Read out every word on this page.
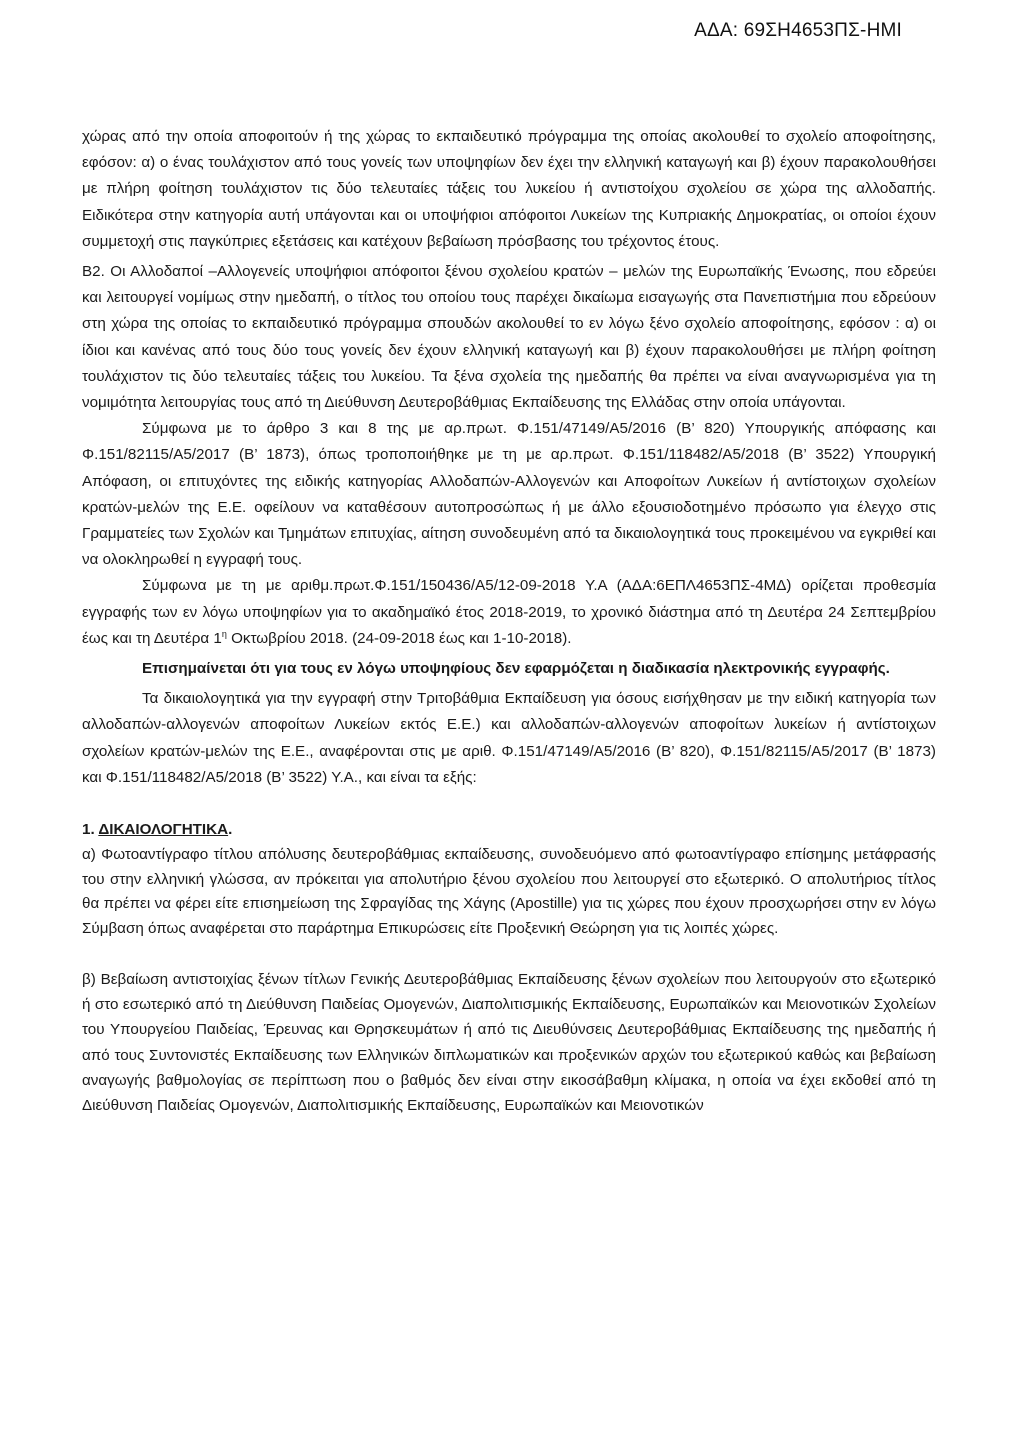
ΑΔΑ: 69ΣΗ4653ΠΣ-ΗΜΙ

χώρας από την οποία αποφοιτούν ή της χώρας το εκπαιδευτικό πρόγραμμα της οποίας ακολουθεί το σχολείο αποφοίτησης, εφόσον: α) ο ένας τουλάχιστον από τους γονείς των υποψηφίων δεν έχει την ελληνική καταγωγή και β) έχουν παρακολουθήσει με πλήρη φοίτηση τουλάχιστον τις δύο τελευταίες τάξεις του λυκείου ή αντιστοίχου σχολείου σε χώρα της αλλοδαπής. Ειδικότερα στην κατηγορία αυτή υπάγονται και οι υποψήφιοι απόφοιτοι Λυκείων της Κυπριακής Δημοκρατίας, οι οποίοι έχουν συμμετοχή στις παγκύπριες εξετάσεις και κατέχουν βεβαίωση πρόσβασης του τρέχοντος έτους.

Β2. Οι Αλλοδαποί –Αλλογενείς υποψήφιοι απόφοιτοι ξένου σχολείου κρατών – μελών της Ευρωπαϊκής Ένωσης, που εδρεύει και λειτουργεί νομίμως στην ημεδαπή, ο τίτλος του οποίου τους παρέχει δικαίωμα εισαγωγής στα Πανεπιστήμια που εδρεύουν στη χώρα της οποίας το εκπαιδευτικό πρόγραμμα σπουδών ακολουθεί το εν λόγω ξένο σχολείο αποφοίτησης, εφόσον : α) οι ίδιοι και κανένας από τους δύο τους γονείς δεν έχουν ελληνική καταγωγή και β) έχουν παρακολουθήσει με πλήρη φοίτηση τουλάχιστον τις δύο τελευταίες τάξεις του λυκείου. Τα ξένα σχολεία της ημεδαπής θα πρέπει να είναι αναγνωρισμένα για τη νομιμότητα λειτουργίας τους από τη Διεύθυνση Δευτεροβάθμιας Εκπαίδευσης της Ελλάδας στην οποία υπάγονται.

Σύμφωνα με το άρθρο 3 και 8 της με αρ.πρωτ. Φ.151/47149/Α5/2016 (Β’ 820) Υπουργικής απόφασης και Φ.151/82115/Α5/2017 (Β’ 1873), όπως τροποποιήθηκε με τη με αρ.πρωτ. Φ.151/118482/Α5/2018 (Β’ 3522) Υπουργική Απόφαση, οι επιτυχόντες της ειδικής κατηγορίας Αλλοδαπών-Αλλογενών και Αποφοίτων Λυκείων ή αντίστοιχων σχολείων κρατών-μελών της Ε.Ε. οφείλουν να καταθέσουν αυτοπροσώπως ή με άλλο εξουσιοδοτημένο πρόσωπο για έλεγχο στις Γραμματείες των Σχολών και Τμημάτων επιτυχίας, αίτηση συνοδευμένη από τα δικαιολογητικά τους προκειμένου να εγκριθεί και να ολοκληρωθεί η εγγραφή τους.

Σύμφωνα με τη με αριθμ.πρωτ.Φ.151/150436/Α5/12-09-2018 Υ.Α (ΑΔΑ:6ΕΠΛ4653ΠΣ-4ΜΔ) ορίζεται προθεσμία εγγραφής των εν λόγω υποψηφίων για το ακαδημαϊκό έτος 2018-2019, το χρονικό διάστημα από τη Δευτέρα 24 Σεπτεμβρίου έως και τη Δευτέρα $1^\eta$ Οκτωβρίου 2018. (24-09-2018 έως και 1-10-2018).

Επισημαίνεται ότι για τους εν λόγω υποψηφίους δεν εφαρμόζεται η διαδικασία ηλεκτρονικής εγγραφής.

Τα δικαιολογητικά για την εγγραφή στην Τριτοβάθμια Εκπαίδευση για όσους εισήχθησαν με την ειδική κατηγορία των αλλοδαπών-αλλογενών αποφοίτων Λυκείων εκτός Ε.Ε.) και αλλοδαπών-αλλογενών αποφοίτων λυκείων ή αντίστοιχων σχολείων κρατών-μελών της Ε.Ε., αναφέρονται στις με αριθ. Φ.151/47149/Α5/2016 (Β’ 820), Φ.151/82115/Α5/2017 (Β’ 1873) και Φ.151/118482/Α5/2018 (Β’ 3522) Υ.Α., και είναι τα εξής:

1. ΔΙΚΑΙΟΛΟΓΗΤΙΚΑ.

α) Φωτοαντίγραφο τίτλου απόλυσης δευτεροβάθμιας εκπαίδευσης, συνοδευόμενο από φωτοαντίγραφο επίσημης μετάφρασής του στην ελληνική γλώσσα, αν πρόκειται για απολυτήριο ξένου σχολείου που λειτουργεί στο εξωτερικό. Ο απολυτήριος τίτλος θα πρέπει να φέρει είτε επισημείωση της Σφραγίδας της Χάγης (Apostille) για τις χώρες που έχουν προσχωρήσει στην εν λόγω Σύμβαση όπως αναφέρεται στο παράρτημα Επικυρώσεις είτε Προξενική Θεώρηση για τις λοιπές χώρες.

β) Βεβαίωση αντιστοιχίας ξένων τίτλων Γενικής Δευτεροβάθμιας Εκπαίδευσης ξένων σχολείων που λειτουργούν στο εξωτερικό ή στο εσωτερικό από τη Διεύθυνση Παιδείας Ομογενών, Διαπολιτισμικής Εκπαίδευσης, Ευρωπαϊκών και Μειονοτικών Σχολείων του Υπουργείου Παιδείας, Έρευνας και Θρησκευμάτων ή από τις Διευθύνσεις Δευτεροβάθμιας Εκπαίδευσης της ημεδαπής ή από τους Συντονιστές Εκπαίδευσης των Ελληνικών διπλωματικών και προξενικών αρχών του εξωτερικού καθώς και βεβαίωση αναγωγής βαθμολογίας σε περίπτωση που ο βαθμός δεν είναι στην εικοσάβαθμη κλίμακα, η οποία να έχει εκδοθεί από τη Διεύθυνση Παιδείας Ομογενών, Διαπολιτισμικής Εκπαίδευσης, Ευρωπαϊκών και Μειονοτικών
